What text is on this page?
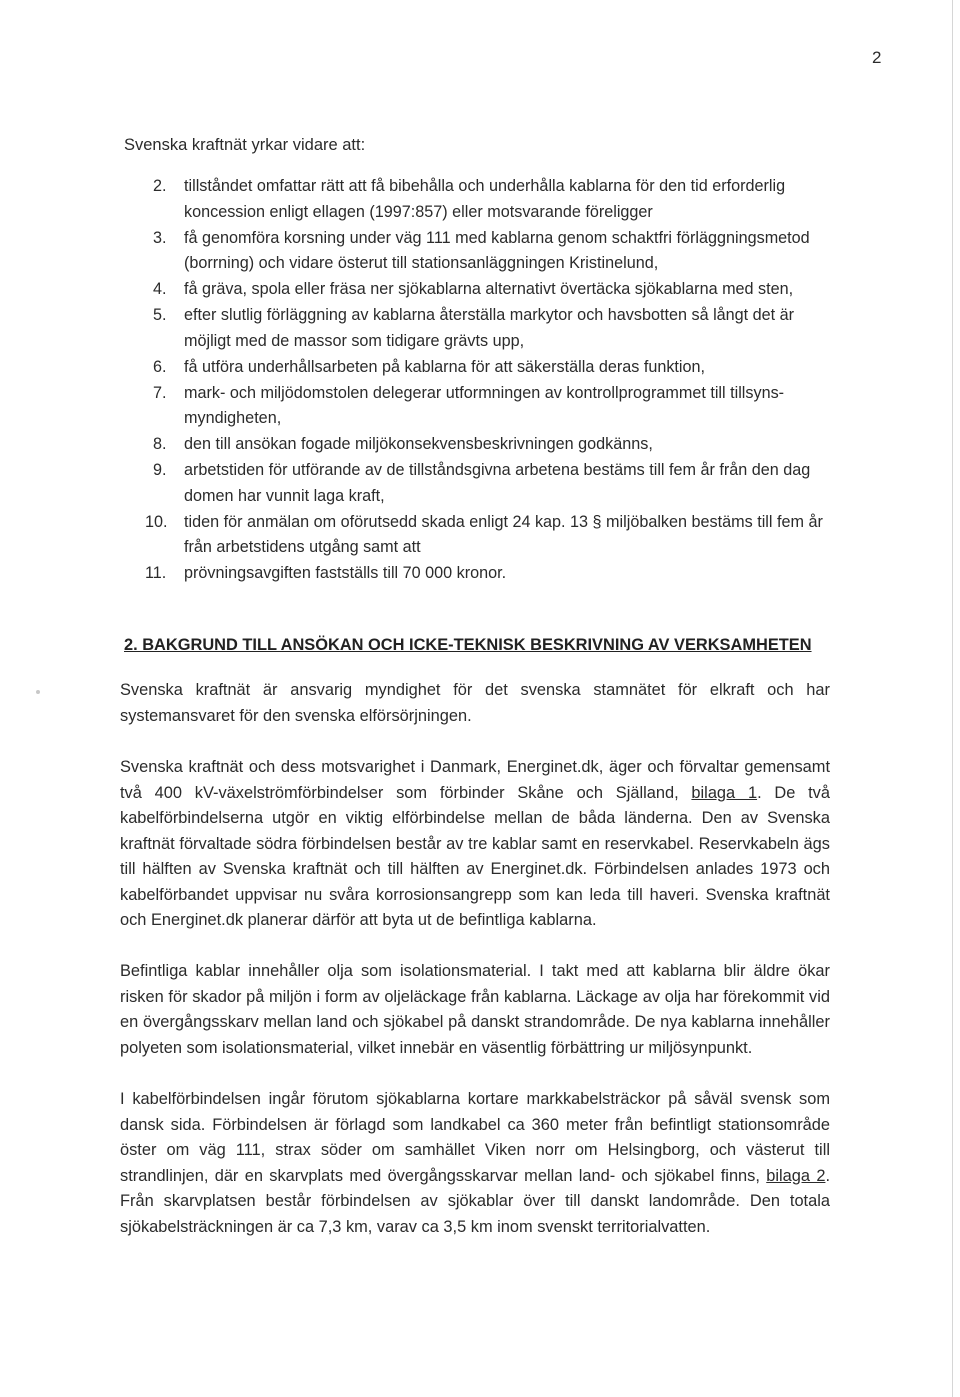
2
Svenska kraftnät yrkar vidare att:
2. tillståndet omfattar rätt att få bibehålla och underhålla kablarna för den tid erforderlig koncession enligt ellagen (1997:857) eller motsvarande föreligger
3. få genomföra korsning under väg 111 med kablarna genom schaktfri förläggningsmetod (borrning) och vidare österut till stationsanläggningen Kristinelund,
4. få gräva, spola eller fräsa ner sjökablarna alternativt övertäcka sjökablarna med sten,
5. efter slutlig förläggning av kablarna återställa markytor och havsbotten så långt det är möjligt med de massor som tidigare grävts upp,
6. få utföra underhållsarbeten på kablarna för att säkerställa deras funktion,
7. mark- och miljödomstolen delegerar utformningen av kontrollprogrammet till tillsyns-myndigheten,
8. den till ansökan fogade miljökonsekvensbeskrivningen godkänns,
9. arbetstiden för utförande av de tillståndsgivna arbetena bestäms till fem år från den dag domen har vunnit laga kraft,
10. tiden för anmälan om oförutsedd skada enligt 24 kap. 13 § miljöbalken bestäms till fem år från arbetstidens utgång samt att
11. prövningsavgiften fastställs till 70 000 kronor.
2. BAKGRUND TILL ANSÖKAN OCH ICKE-TEKNISK BESKRIVNING AV VERKSAMHETEN

Svenska kraftnät är ansvarig myndighet för det svenska stamnätet för elkraft och har systemansvaret för den svenska elförsörjningen.

Svenska kraftnät och dess motsvarighet i Danmark, Energinet.dk, äger och förvaltar gemensamt två 400 kV-växelströmförbindelser som förbinder Skåne och Själland, bilaga 1. De två kabelförbindelserna utgör en viktig elförbindelse mellan de båda länderna. Den av Svenska kraftnät förvaltade södra förbindelsen består av tre kablar samt en reservkabel. Reservkabeln ägs till hälften av Svenska kraftnät och till hälften av Energinet.dk. Förbindelsen anlades 1973 och kabelförbandet uppvisar nu svåra korrosionsangrepp som kan leda till haveri. Svenska kraftnät och Energinet.dk planerar därför att byta ut de befintliga kablarna.

Befintliga kablar innehåller olja som isolationsmaterial. I takt med att kablarna blir äldre ökar risken för skador på miljön i form av oljeläckage från kablarna. Läckage av olja har förekommit vid en övergångsskarv mellan land och sjökabel på danskt strandområde. De nya kablarna innehåller polyeten som isolationsmaterial, vilket innebär en väsentlig förbättring ur miljösynpunkt.

I kabelförbindelsen ingår förutom sjökablarna kortare markkabelsträckor på såväl svensk som dansk sida. Förbindelsen är förlagd som landkabel ca 360 meter från befintligt stationsområde öster om väg 111, strax söder om samhället Viken norr om Helsingborg, och västerut till strandlinjen, där en skarvplats med övergångsskarvar mellan land- och sjökabel finns, bilaga 2. Från skarvplatsen består förbindelsen av sjökablar över till danskt landområde. Den totala sjökabelsträckningen är ca 7,3 km, varav ca 3,5 km inom svenskt territorialvatten.
